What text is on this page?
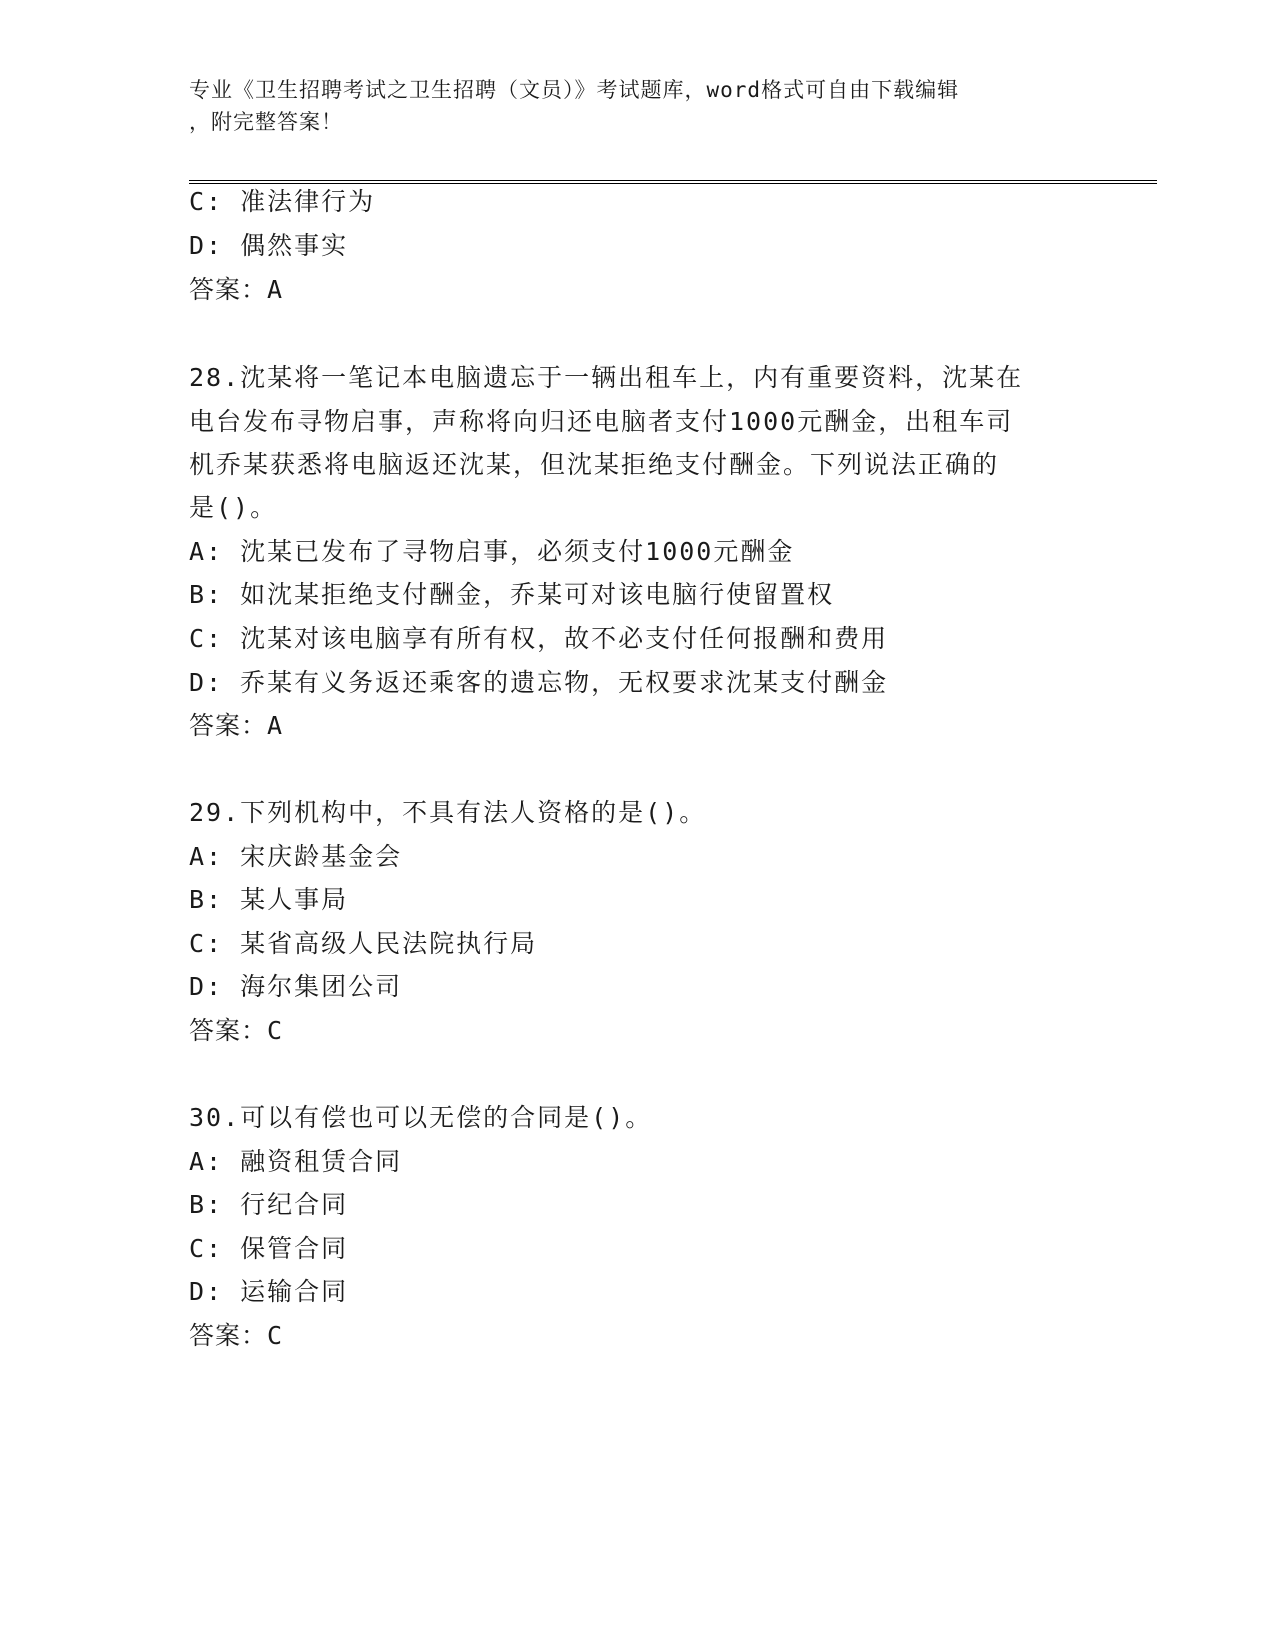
专业《卫生招聘考试之卫生招聘（文员）》考试题库，word格式可自由下载编辑
，附完整答案！
C: 准法律行为
D: 偶然事实
答案：A
28.沈某将一笔记本电脑遗忘于一辆出租车上，内有重要资料，沈某在
电台发布寻物启事，声称将向归还电脑者支付1000元酬金，出租车司
机乔某获悉将电脑返还沈某，但沈某拒绝支付酬金。下列说法正确的
是()。
A: 沈某已发布了寻物启事，必须支付1000元酬金
B: 如沈某拒绝支付酬金，乔某可对该电脑行使留置权
C: 沈某对该电脑享有所有权，故不必支付任何报酬和费用
D: 乔某有义务返还乘客的遗忘物，无权要求沈某支付酬金
答案：A
29.下列机构中，不具有法人资格的是()。
A: 宋庆龄基金会
B: 某人事局
C: 某省高级人民法院执行局
D: 海尔集团公司
答案：C
30.可以有偿也可以无偿的合同是()。
A: 融资租赁合同
B: 行纪合同
C: 保管合同
D: 运输合同
答案：C
